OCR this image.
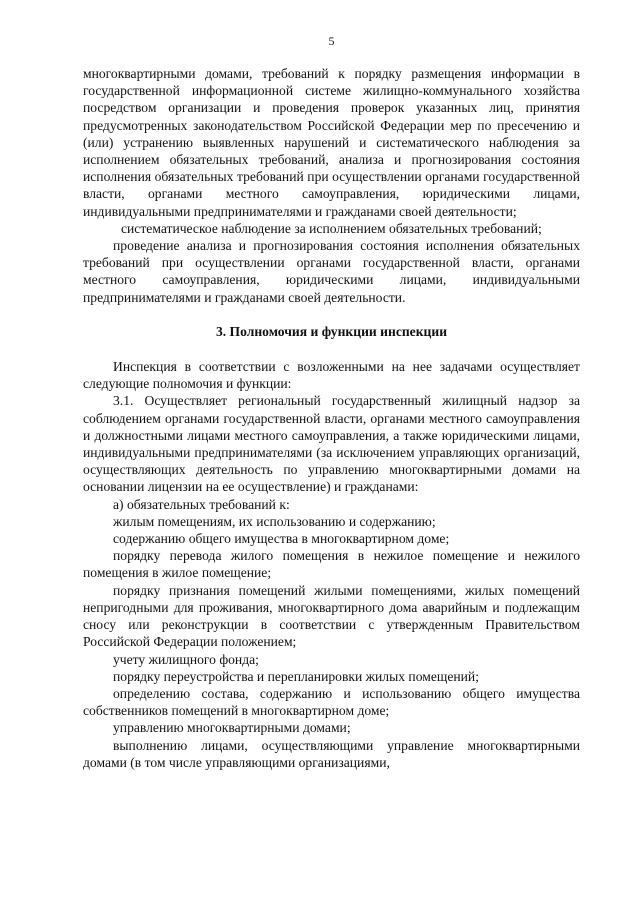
5

многоквартирными домами, требований к порядку размещения информации в государственной информационной системе жилищно-коммунального хозяйства посредством организации и проведения проверок указанных лиц, принятия предусмотренных законодательством Российской Федерации мер по пресечению и (или) устранению выявленных нарушений и систематического наблюдения за исполнением обязательных требований, анализа и прогнозирования состояния исполнения обязательных требований при осуществлении органами государственной власти, органами местного самоуправления, юридическими лицами, индивидуальными предпринимателями и гражданами своей деятельности;

систематическое наблюдение за исполнением обязательных требований;

проведение анализа и прогнозирования состояния исполнения обязательных требований при осуществлении органами государственной власти, органами местного самоуправления, юридическими лицами, индивидуальными предпринимателями и гражданами своей деятельности.

3. Полномочия и функции инспекции

Инспекция в соответствии с возложенными на нее задачами осуществляет следующие полномочия и функции:

3.1. Осуществляет региональный государственный жилищный надзор за соблюдением органами государственной власти, органами местного самоуправления и должностными лицами местного самоуправления, а также юридическими лицами, индивидуальными предпринимателями (за исключением управляющих организаций, осуществляющих деятельность по управлению многоквартирными домами на основании лицензии на ее осуществление) и гражданами:

а) обязательных требований к:

жилым помещениям, их использованию и содержанию;

содержанию общего имущества в многоквартирном доме;

порядку перевода жилого помещения в нежилое помещение и нежилого помещения в жилое помещение;

порядку признания помещений жилыми помещениями, жилых помещений непригодными для проживания, многоквартирного дома аварийным и подлежащим сносу или реконструкции в соответствии с утвержденным Правительством Российской Федерации положением;

учету жилищного фонда;

порядку переустройства и перепланировки жилых помещений;

определению состава, содержанию и использованию общего имущества собственников помещений в многоквартирном доме;

управлению многоквартирными домами;

выполнению лицами, осуществляющими управление многоквартирными домами (в том числе управляющими организациями,
